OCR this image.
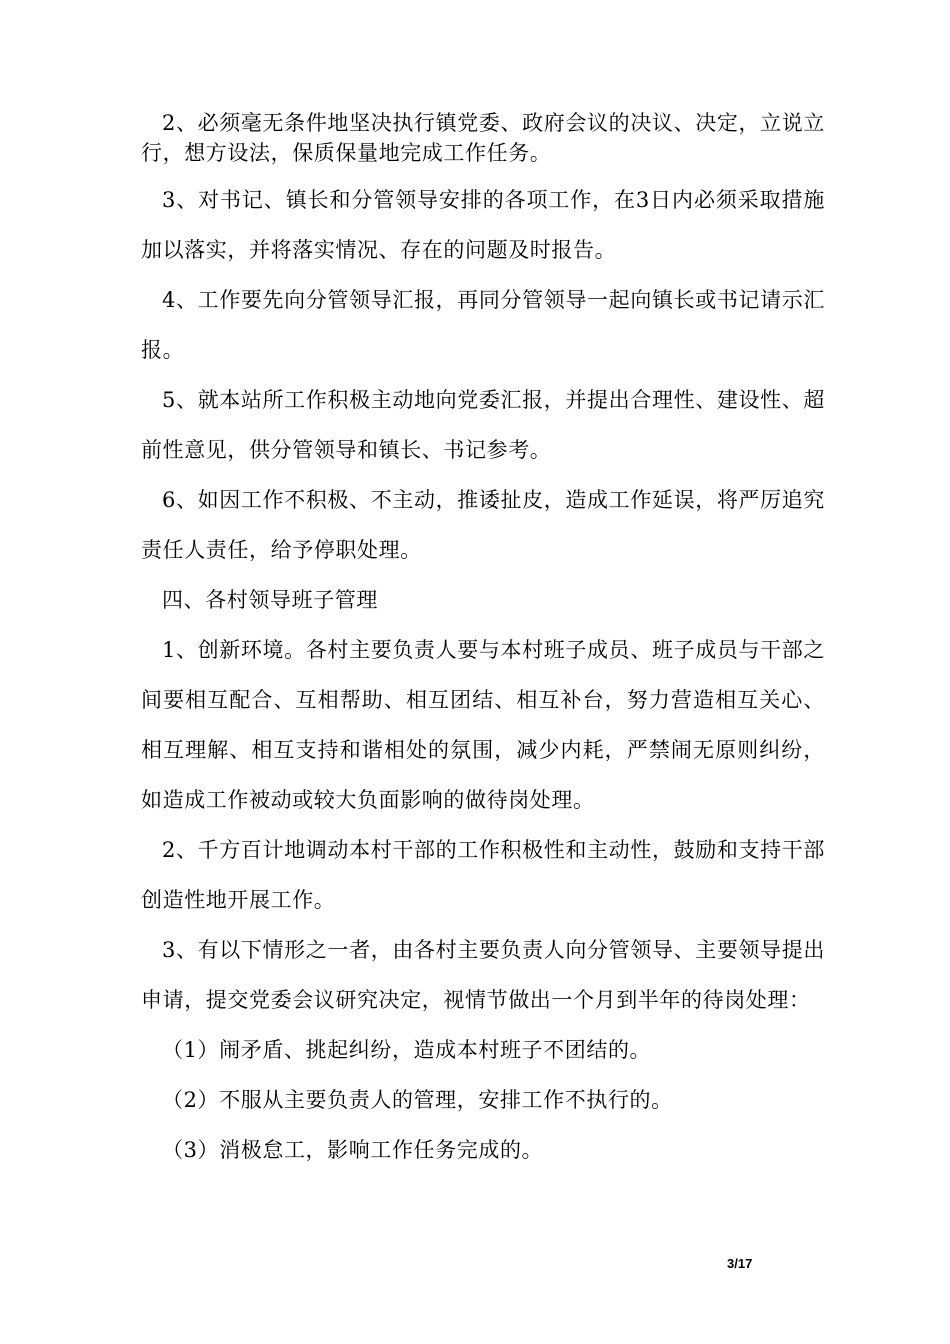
2、必须毫无条件地坚决执行镇党委、政府会议的决议、决定，立说立行，想方设法，保质保量地完成工作任务。

3、对书记、镇长和分管领导安排的各项工作，在3日内必须采取措施加以落实，并将落实情况、存在的问题及时报告。

4、工作要先向分管领导汇报，再同分管领导一起向镇长或书记请示汇报。

5、就本站所工作积极主动地向党委汇报，并提出合理性、建设性、超前性意见，供分管领导和镇长、书记参考。

6、如因工作不积极、不主动，推诿扯皮，造成工作延误，将严厉追究责任人责任，给予停职处理。

四、各村领导班子管理

1、创新环境。各村主要负责人要与本村班子成员、班子成员与干部之间要相互配合、互相帮助、相互团结、相互补台，努力营造相互关心、相互理解、相互支持和谐相处的氛围，减少内耗，严禁闹无原则纠纷，如造成工作被动或较大负面影响的做待岗处理。

2、千方百计地调动本村干部的工作积极性和主动性，鼓励和支持干部创造性地开展工作。

3、有以下情形之一者，由各村主要负责人向分管领导、主要领导提出申请，提交党委会议研究决定，视情节做出一个月到半年的待岗处理：

（1）闹矛盾、挑起纠纷，造成本村班子不团结的。

（2）不服从主要负责人的管理，安排工作不执行的。

（3）消极怠工，影响工作任务完成的。

3/17
